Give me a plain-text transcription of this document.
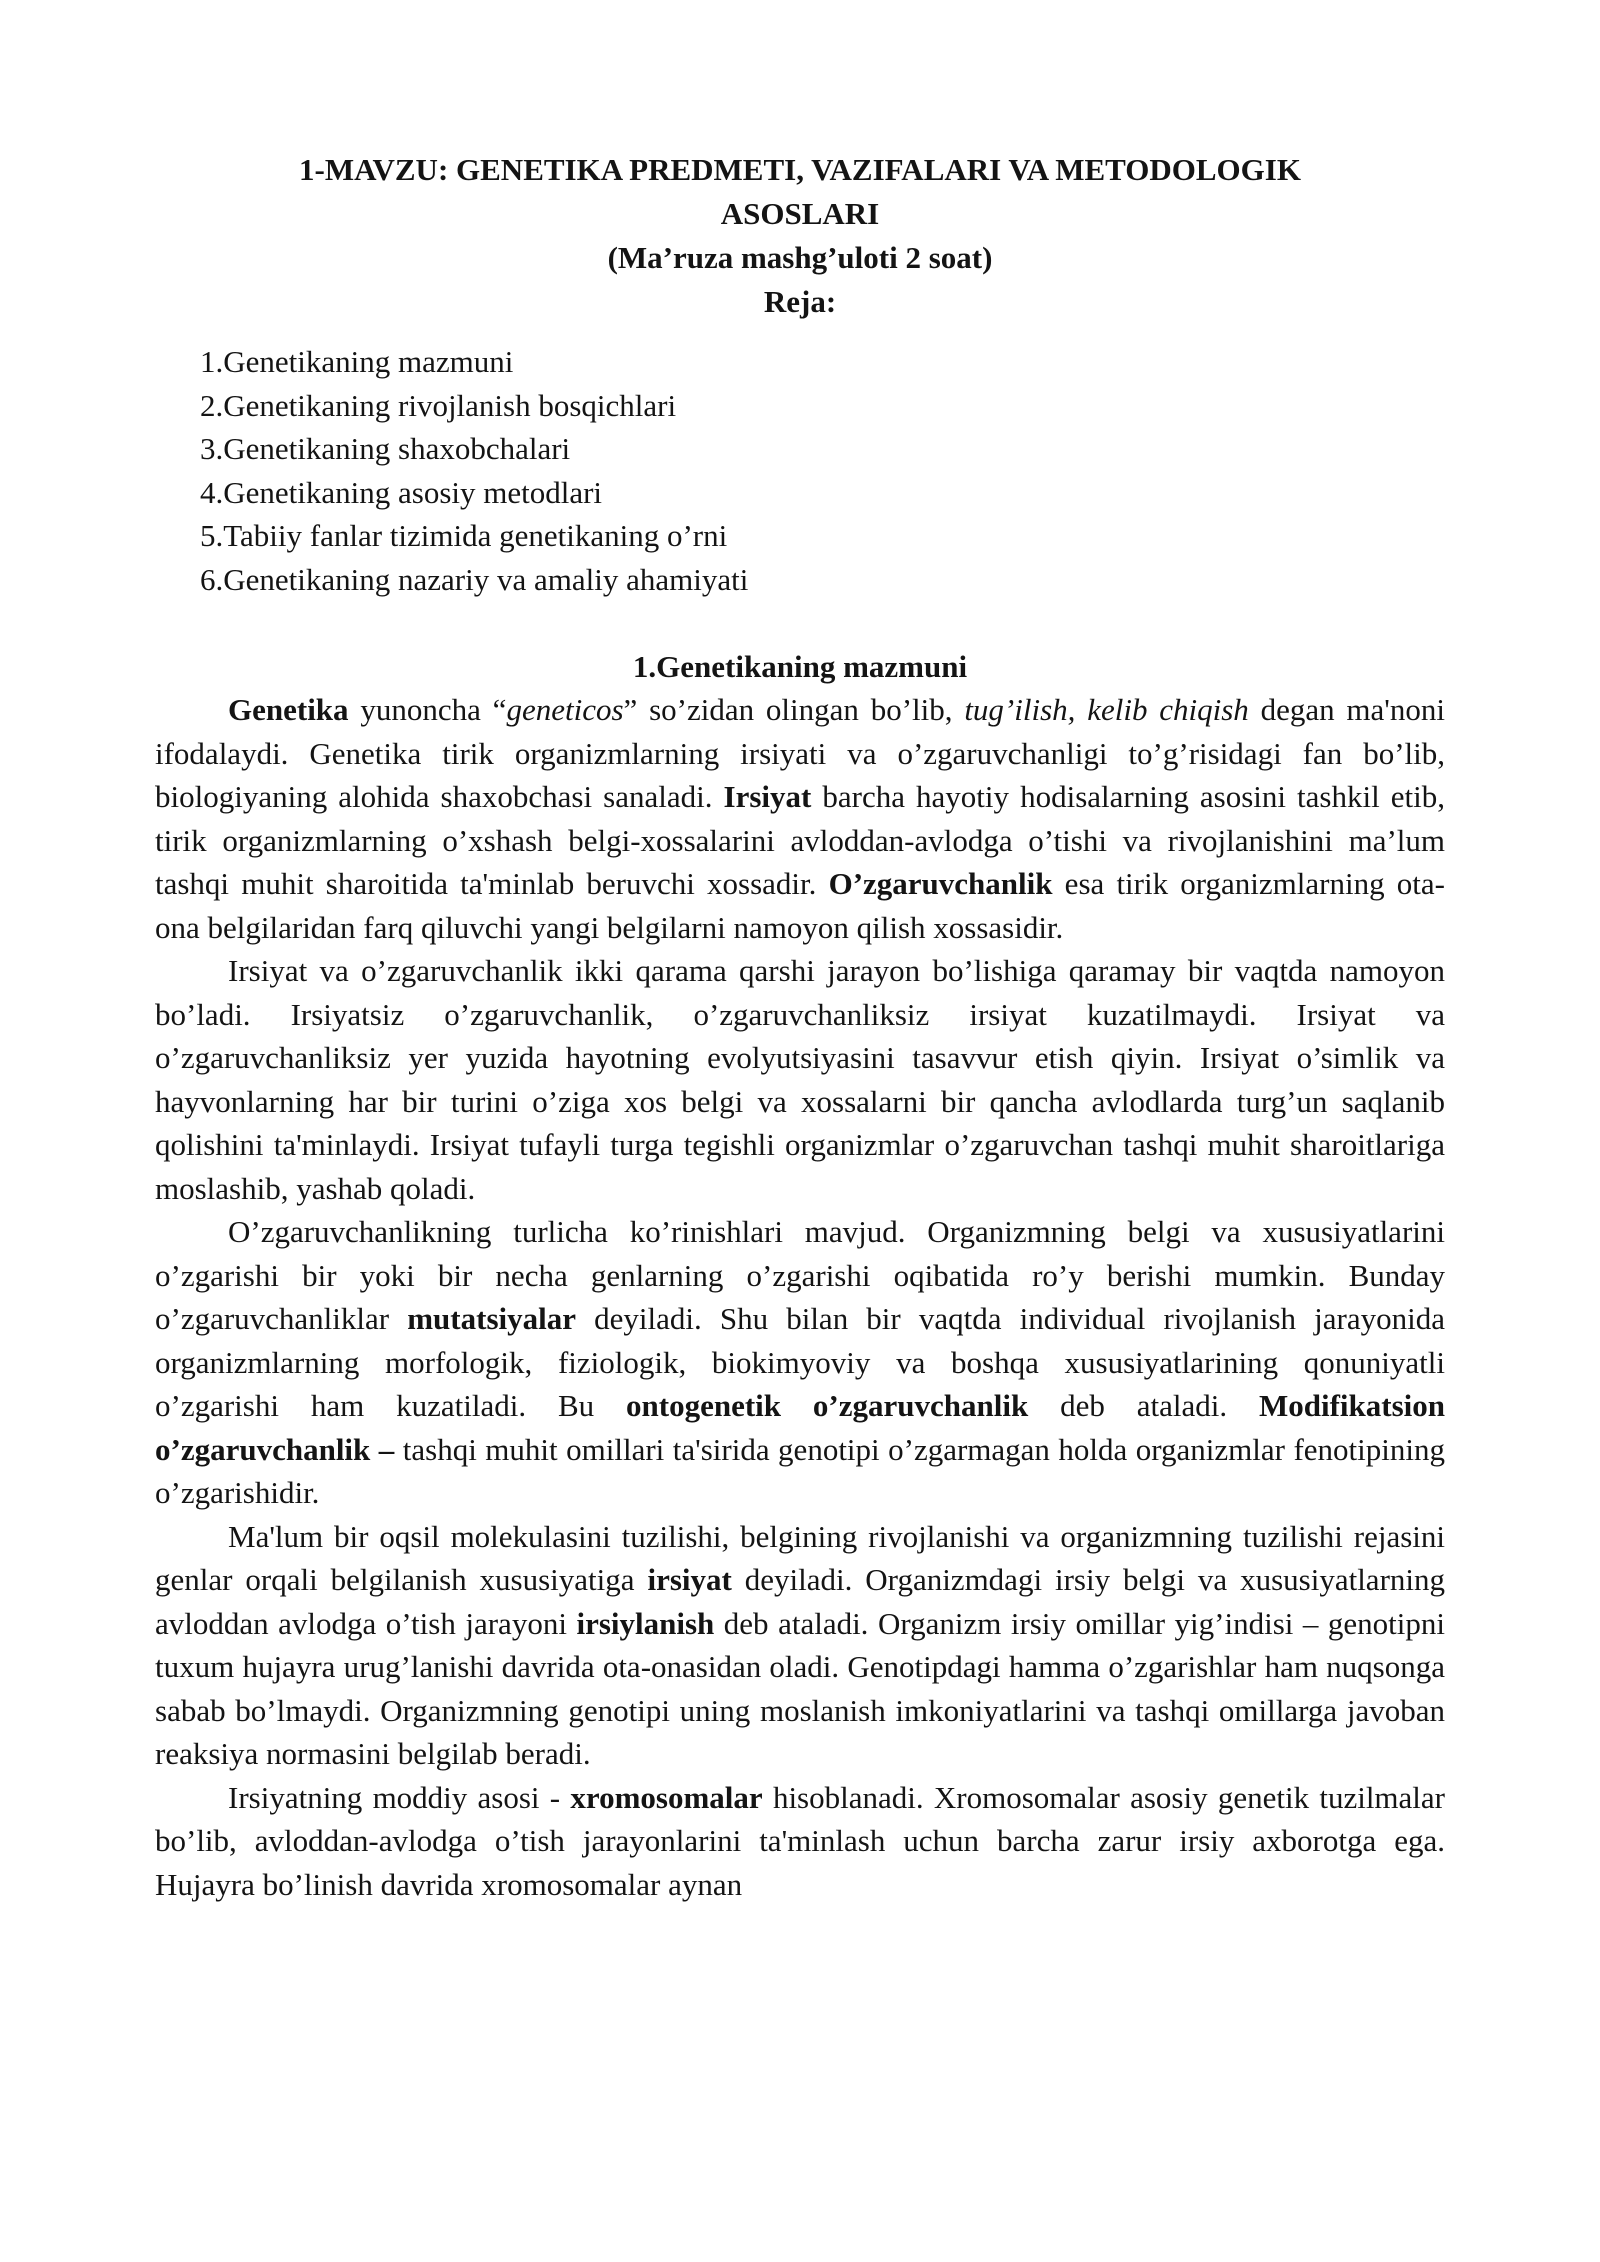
1-MAVZU: GENETIKA PREDMETI, VAZIFALARI VA METODOLOGIK
ASOSLARI
(Ma’ruza mashg’uloti 2 soat)
Reja:
1.Genetikaning mazmuni
2.Genetikaning rivojlanish bosqichlari
3.Genetikaning shaxobchalari
4.Genetikaning asosiy metodlari
5.Tabiiy fanlar tizimida genetikaning o’rni
6.Genetikaning nazariy va amaliy ahamiyati
1.Genetikaning mazmuni

Genetika yunoncha “geneticos” so’zidan olingan bo’lib, tug’ilish, kelib chiqish degan ma'noni ifodalaydi. Genetika tirik organizmlarning irsiyati va o’zgaruvchanligi to’g’risidagi fan bo’lib, biologiyaning alohida shaxobchasi sanaladi. Irsiyat barcha hayotiy hodisalarning asosini tashkil etib, tirik organizmlarning o’xshash belgi-xossalarini avloddan-avlodga o’tishi va rivojlanishini ma’lum tashqi muhit sharoitida ta'minlab beruvchi xossadir. O’zgaruvchanlik esa tirik organizmlarning ota-ona belgilaridan farq qiluvchi yangi belgilarni namoyon qilish xossasidir.

Irsiyat va o’zgaruvchanlik ikki qarama qarshi jarayon bo’lishiga qaramay bir vaqtda namoyon bo’ladi. Irsiyatsiz o’zgaruvchanlik, o’zgaruvchanliksiz irsiyat kuzatilmaydi. Irsiyat va o’zgaruvchanliksiz yer yuzida hayotning evolyutsiyasini tasavvur etish qiyin. Irsiyat o’simlik va hayvonlarning har bir turini o’ziga xos belgi va xossalarni bir qancha avlodlarda turg’un saqlanib qolishini ta'minlaydi. Irsiyat tufayli turga tegishli organizmlar o’zgaruvchan tashqi muhit sharoitlariga moslashib, yashab qoladi.

O’zgaruvchanlikning turlicha ko’rinishlari mavjud. Organizmning belgi va xususiyatlarini o’zgarishi bir yoki bir necha genlarning o’zgarishi oqibatida ro’y berishi mumkin. Bunday o’zgaruvchanliklar mutatsiyalar deyiladi. Shu bilan bir vaqtda individual rivojlanish jarayonida organizmlarning morfologik, fiziologik, biokimyoviy va boshqa xususiyatlarining qonuniyatli o’zgarishi ham kuzatiladi. Bu ontogenetik o’zgaruvchanlik deb ataladi. Modifikatsion o’zgaruvchanlik – tashqi muhit omillari ta'sirida genotipi o’zgarmagan holda organizmlar fenotipining o’zgarishidir.

Ma'lum bir oqsil molekulasini tuzilishi, belgining rivojlanishi va organizmning tuzilishi rejasini genlar orqali belgilanish xususiyatiga irsiyat deyiladi. Organizmdagi irsiy belgi va xususiyatlarning avloddan avlodga o’tish jarayoni irsiylanish deb ataladi. Organizm irsiy omillar yig’indisi – genotipni tuxum hujayra urug’lanishi davrida ota-onasidan oladi. Genotipdagi hamma o’zgarishlar ham nuqsonga sabab bo’lmaydi. Organizmning genotipi uning moslanish imkoniyatlarini va tashqi omillarga javoban reaksiya normasini belgilab beradi.

Irsiyatning moddiy asosi - xromosomalar hisoblanadi. Xromosomalar asosiy genetik tuzilmalar bo’lib, avloddan-avlodga o’tish jarayonlarini ta'minlash uchun barcha zarur irsiy axborotga ega. Hujayra bo’linish davrida xromosomalar aynan
